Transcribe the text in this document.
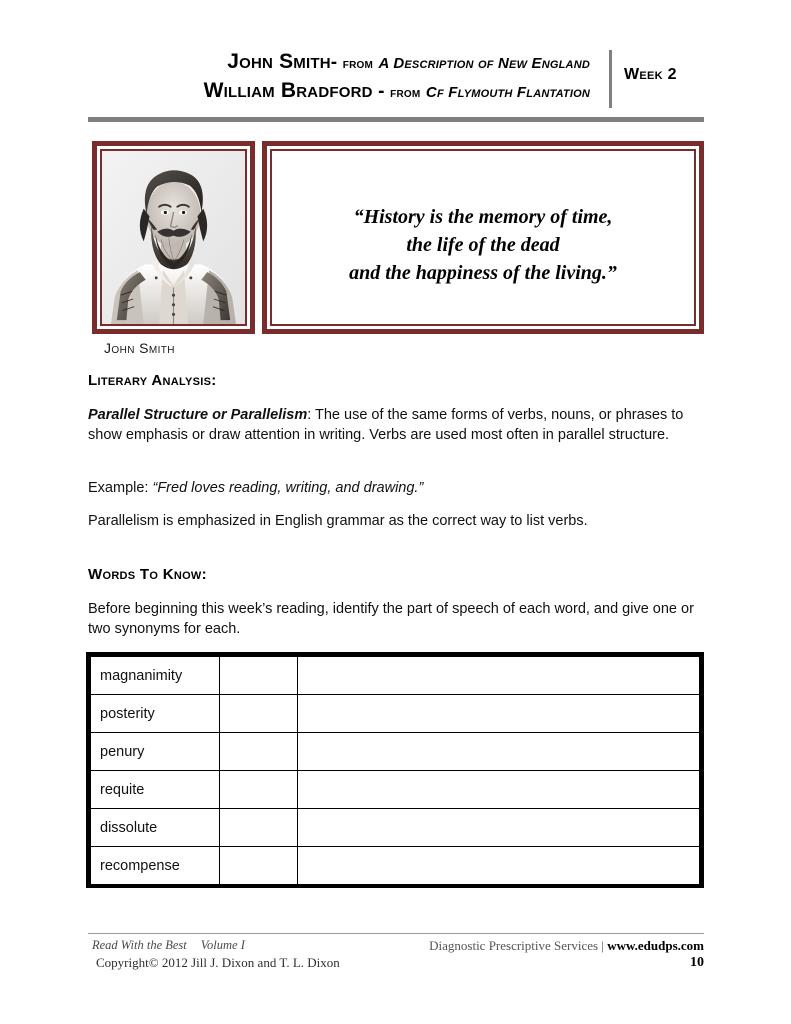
John Smith- from A Description of New England
William Bradford - from Cf Flymouth Flantation
Week 2
John Smith
“History is the memory of time,
the life of the dead
and the happiness of the living.”
Literary Analysis:
Parallel Structure or Parallelism: The use of the same forms of verbs, nouns, or phrases to show emphasis or draw attention in writing. Verbs are used most often in parallel structure.
Example: “Fred loves reading, writing, and drawing.”
Parallelism is emphasized in English grammar as the correct way to list verbs.
Words To Know:
Before beginning this week’s reading, identify the part of speech of each word, and give one or two synonyms for each.
magnanimity		
posterity		
penury		
requite		
dissolute		
recompense		
Read With the Best Volume I
Copyright© 2012 Jill J. Dixon and T. L. Dixon
Diagnostic Prescriptive Services | www.edudps.com
10
